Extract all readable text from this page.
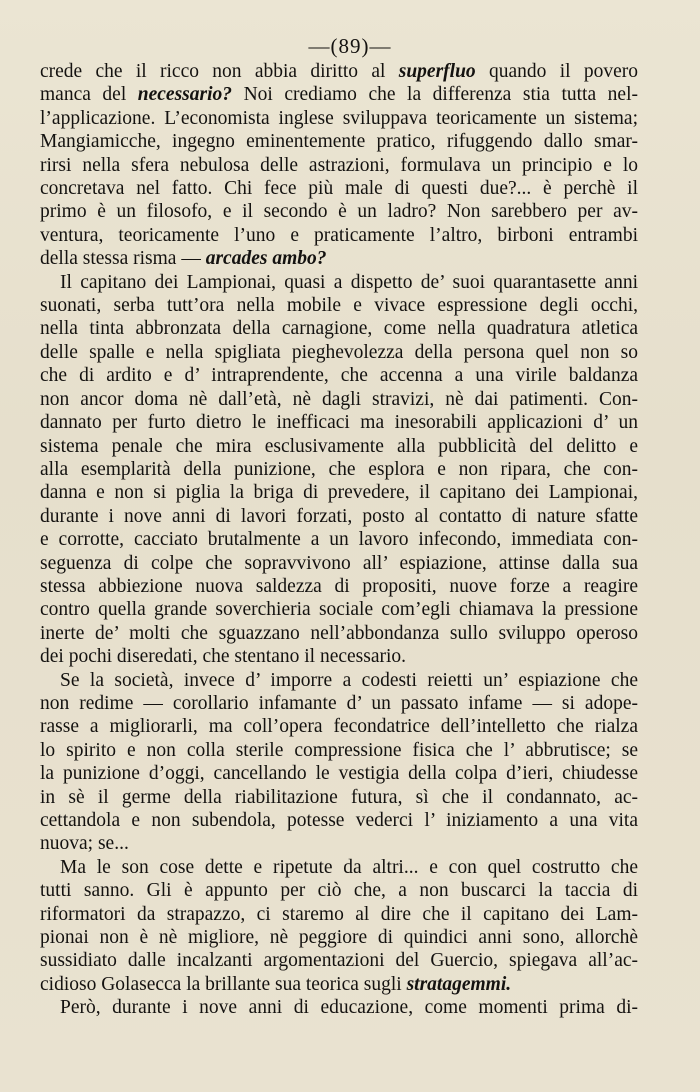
—(89)—
crede che il ricco non abbia diritto al superfluo quando il povero
manca del necessario? Noi crediamo che la differenza stia tutta nel-
l’applicazione. L’economista inglese sviluppava teoricamente un sistema;
Mangiamicche, ingegno eminentemente pratico, rifuggendo dallo smar-
rirsi nella sfera nebulosa delle astrazioni, formulava un principio e lo
concretava nel fatto. Chi fece più male di questi due?... è perchè il
primo è un filosofo, e il secondo è un ladro? Non sarebbero per av-
ventura, teoricamente l’uno e praticamente l’altro, birboni entrambi
della stessa risma — arcades ambo?
Il capitano dei Lampionai, quasi a dispetto de’ suoi quarantasette anni
suonati, serba tutt’ora nella mobile e vivace espressione degli occhi,
nella tinta abbronzata della carnagione, come nella quadratura atletica
delle spalle e nella spigliata pieghevolezza della persona quel non so
che di ardito e d’ intraprendente, che accenna a una virile baldanza
non ancor doma nè dall’età, nè dagli stravizi, nè dai patimenti. Con-
dannato per furto dietro le inefficaci ma inesorabili applicazioni d’ un
sistema penale che mira esclusivamente alla pubblicità del delitto e
alla esemplarità della punizione, che esplora e non ripara, che con-
danna e non si piglia la briga di prevedere, il capitano dei Lampionai,
durante i nove anni di lavori forzati, posto al contatto di nature sfatte
e corrotte, cacciato brutalmente a un lavoro infecondo, immediata con-
seguenza di colpe che sopravvivono all’ espiazione, attinse dalla sua
stessa abbiezione nuova saldezza di propositi, nuove forze a reagire
contro quella grande soverchieria sociale com’egli chiamava la pressione
inerte de’ molti che sguazzano nell’abbondanza sullo sviluppo operoso
dei pochi diseredati, che stentano il necessario.
Se la società, invece d’ imporre a codesti reietti un’ espiazione che
non redime — corollario infamante d’ un passato infame — si adope-
rasse a migliorarli, ma coll’opera fecondatrice dell’intelletto che rialza
lo spirito e non colla sterile compressione fisica che l’ abbrutisce; se
la punizione d’oggi, cancellando le vestigia della colpa d’ieri, chiudesse
in sè il germe della riabilitazione futura, sì che il condannato, ac-
cettandola e non subendola, potesse vederci l’ iniziamento a una vita
nuova; se...
Ma le son cose dette e ripetute da altri... e con quel costrutto che
tutti sanno. Gli è appunto per ciò che, a non buscarci la taccia di
riformatori da strapazzo, ci staremo al dire che il capitano dei Lam-
pionai non è nè migliore, nè peggiore di quindici anni sono, allorchè
sussidiato dalle incalzanti argomentazioni del Guercio, spiegava all’ac-
cidioso Golasecca la brillante sua teorica sugli stratagemmi.
Però, durante i nove anni di educazione, come momenti prima di-
